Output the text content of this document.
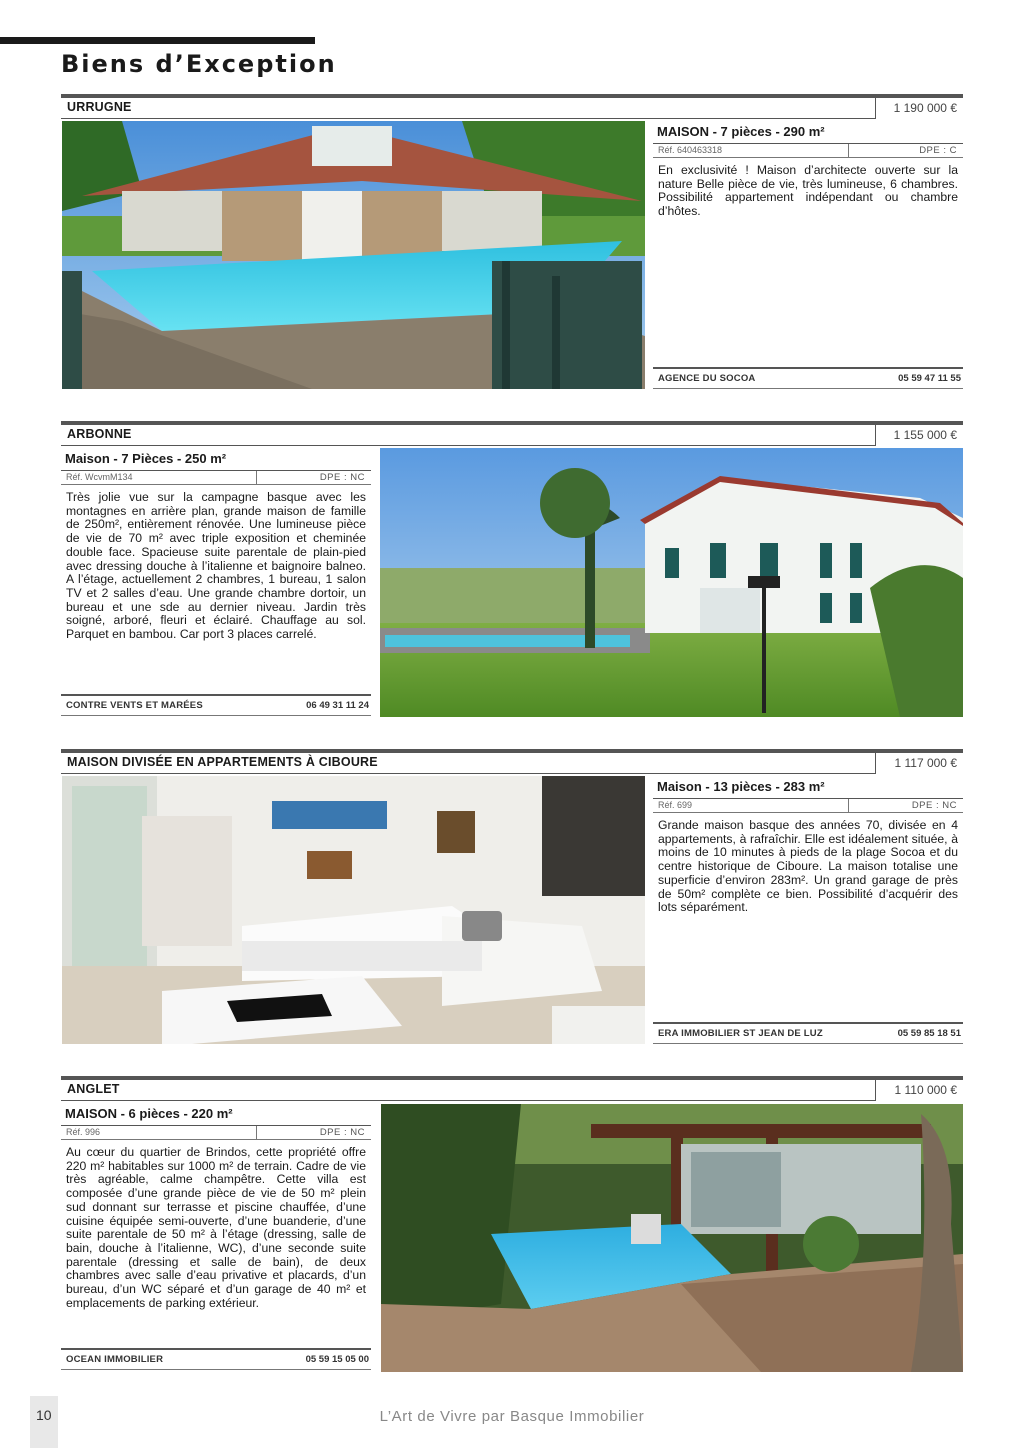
Biens d’Exception
URRUGNE	1 190 000 €
MAISON - 7 pièces - 290 m²
Réf. 640463318	DPE : C
En exclusivité ! Maison d’architecte ouverte sur la nature Belle pièce de vie, très lumineuse, 6 chambres. Possibilité appartement indépendant ou chambre d’hôtes.
AGENCE DU SOCOA	05 59 47 11 55
ARBONNE	1 155 000 €
Maison - 7 Pièces - 250 m²
Réf. WcvmM134	DPE : NC
Très jolie vue sur la campagne basque avec les montagnes en arrière plan, grande maison de famille de 250m², entièrement rénovée. Une lumineuse pièce de vie de 70 m² avec triple exposition et cheminée double face. Spacieuse suite parentale de plain-pied avec dressing douche à l’italienne et baignoire balneo. A l’étage, actuellement 2 chambres, 1 bureau, 1 salon TV et 2 salles d’eau. Une grande chambre dortoir, un bureau et une sde au dernier niveau. Jardin très soigné, arboré, fleuri et éclairé. Chauffage au sol. Parquet en bambou. Car port 3 places carrelé.
CONTRE VENTS ET MARÉES	06 49 31 11 24
MAISON DIVISÉE EN APPARTEMENTS À CIBOURE	1 117 000 €
Maison - 13 pièces - 283 m²
Réf. 699	DPE : NC
Grande maison basque des années 70, divisée en 4 appartements, à rafraîchir. Elle est idéalement située, à moins de 10 minutes à pieds de la plage Socoa et du centre historique de Ciboure. La maison totalise une superficie d’environ 283m². Un grand garage de près de 50m² complète ce bien. Possibilité d’acquérir des lots séparément.
ERA IMMOBILIER ST JEAN DE LUZ	05 59 85 18 51
ANGLET	1 110 000 €
MAISON - 6 pièces - 220 m²
Réf. 996	DPE : NC
Au cœur du quartier de Brindos, cette propriété offre 220 m² habitables sur 1000 m² de terrain. Cadre de vie très agréable, calme champêtre. Cette villa est composée d’une grande pièce de vie de 50 m² plein sud donnant sur terrasse et piscine chauffée, d’une cuisine équipée semi-ouverte, d’une buanderie, d’une suite parentale de 50 m² à l’étage (dressing, salle de bain, douche à l’italienne, WC), d’une seconde suite parentale (dressing et salle de bain), de deux chambres avec salle d’eau privative et placards, d’un bureau, d’un WC séparé et d’un garage de 40 m² et emplacements de parking extérieur.
OCEAN IMMOBILIER	05 59 15 05 00
10	L’Art de Vivre par Basque Immobilier
